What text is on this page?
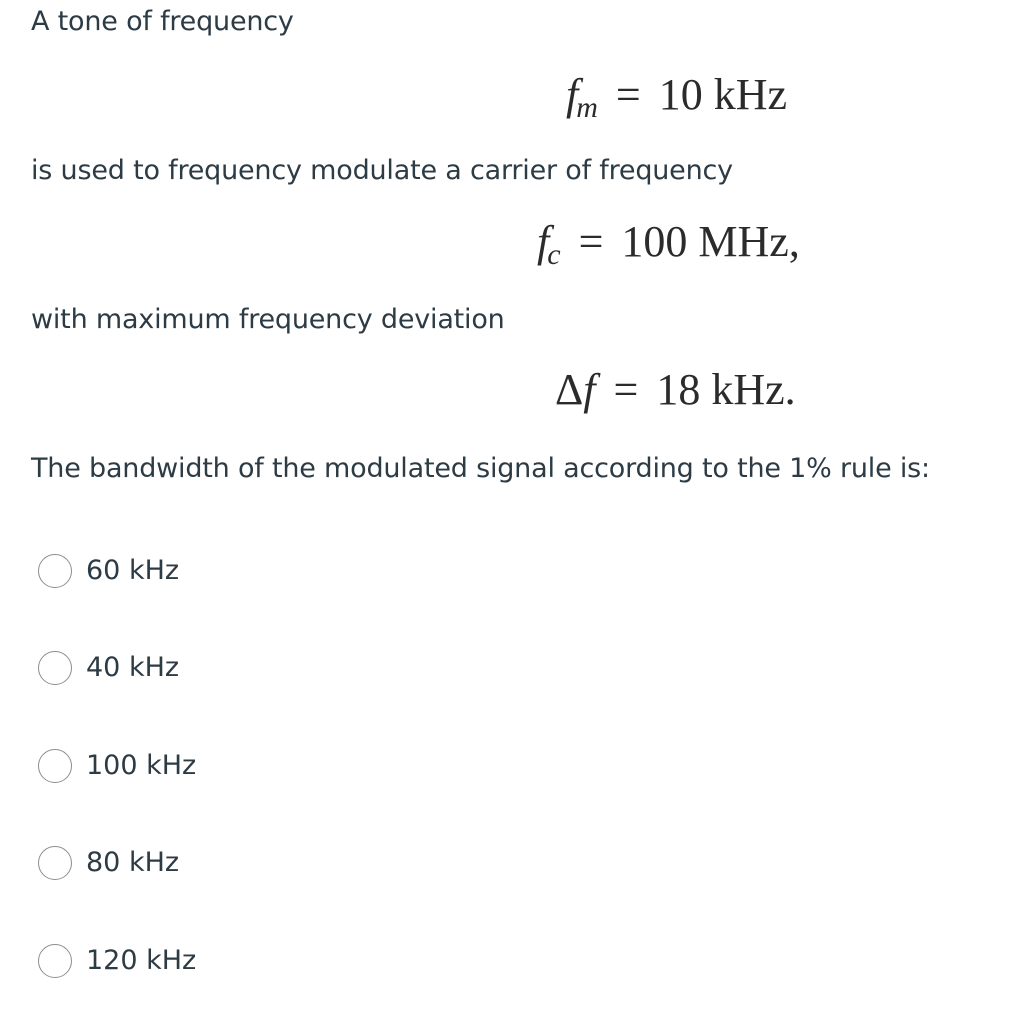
A tone of frequency
fm = 10 kHz
is used to frequency modulate a carrier of frequency
fc = 100 MHz,
with maximum frequency deviation
Δf = 18 kHz.
The bandwidth of the modulated signal according to the 1% rule is:
60 kHz
40 kHz
100 kHz
80 kHz
120 kHz
